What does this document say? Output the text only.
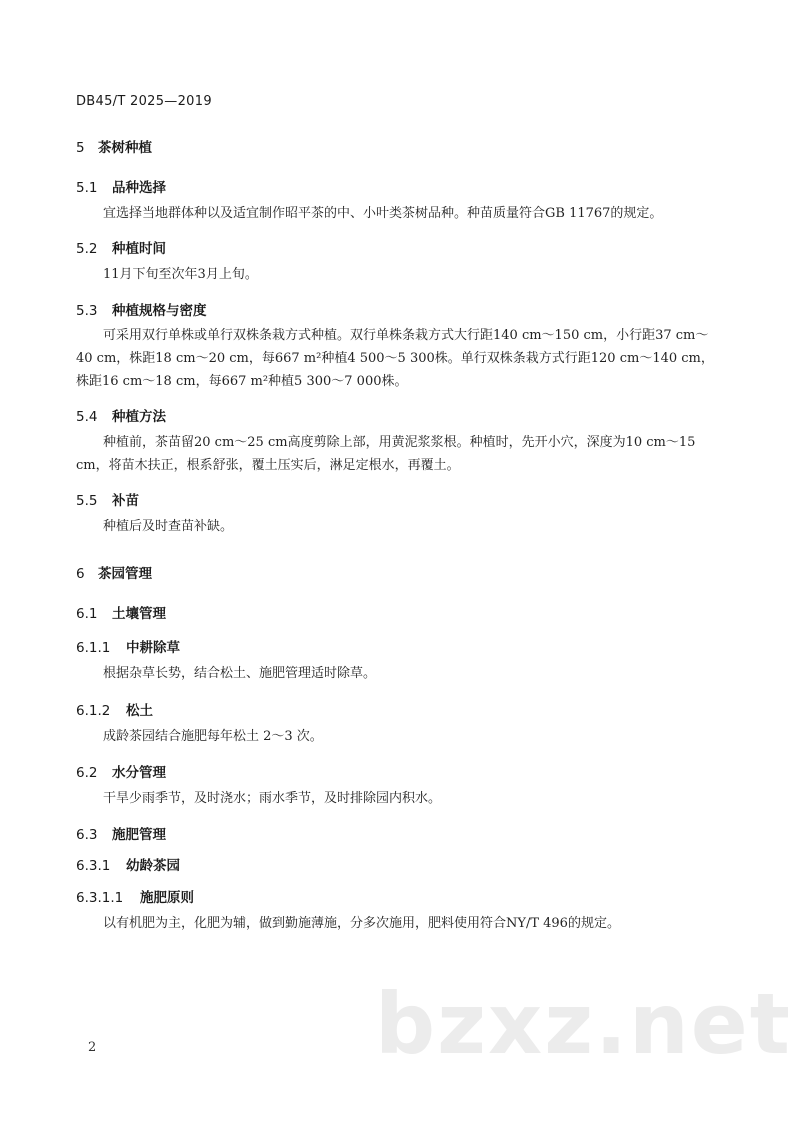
DB45/T 2025—2019
5 茶树种植
5.1 品种选择
宜选择当地群体种以及适宜制作昭平茶的中、小叶类茶树品种。种苗质量符合GB 11767的规定。
5.2 种植时间
11月下旬至次年3月上旬。
5.3 种植规格与密度
可采用双行单株或单行双株条栽方式种植。双行单株条栽方式大行距140 cm～150 cm，小行距37 cm～40 cm，株距18 cm～20 cm，每667 m²种植4 500～5 300株。单行双株条栽方式行距120 cm～140 cm，株距16 cm～18 cm，每667 m²种植5 300～7 000株。
5.4 种植方法
种植前，茶苗留20 cm～25 cm高度剪除上部，用黄泥浆浆根。种植时，先开小穴，深度为10 cm～15 cm，将苗木扶正，根系舒张，覆土压实后，淋足定根水，再覆土。
5.5 补苗
种植后及时查苗补缺。
6 茶园管理
6.1 土壤管理
6.1.1 中耕除草
根据杂草长势，结合松土、施肥管理适时除草。
6.1.2 松土
成龄茶园结合施肥每年松土 2～3 次。
6.2 水分管理
干旱少雨季节，及时浇水；雨水季节，及时排除园内积水。
6.3 施肥管理
6.3.1 幼龄茶园
6.3.1.1 施肥原则
以有机肥为主，化肥为辅，做到勤施薄施，分多次施用，肥料使用符合NY/T 496的规定。
bzxz.net
2
